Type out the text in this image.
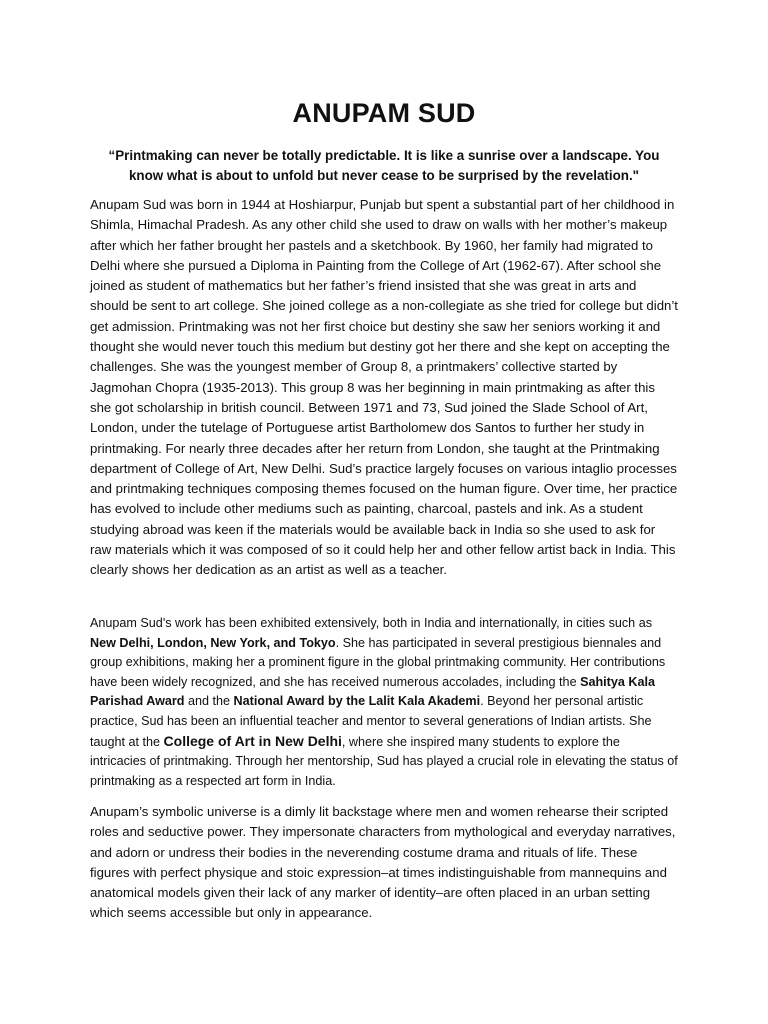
ANUPAM SUD

“Printmaking can never be totally predictable. It is like a sunrise over a landscape. You know what is about to unfold but never cease to be surprised by the revelation."

Anupam Sud was born in 1944 at Hoshiarpur, Punjab but spent a substantial part of her childhood in Shimla, Himachal Pradesh. As any other child she used to draw on walls with her mother’s makeup after which her father brought her pastels and a sketchbook. By 1960, her family had migrated to Delhi where she pursued a Diploma in Painting from the College of Art (1962-67). After school she joined as student of mathematics but her father’s friend insisted that she was great in arts and should be sent to art college. She joined college as a non-collegiate as she tried for college but didn’t get admission. Printmaking was not her first choice but destiny she saw her seniors working it and thought she would never touch this medium but destiny got her there and she kept on accepting the challenges. She was the youngest member of Group 8, a printmakers’ collective started by Jagmohan Chopra (1935-2013). This group 8 was her beginning in main printmaking as after this she got scholarship in british council. Between 1971 and 73, Sud joined the Slade School of Art, London, under the tutelage of Portuguese artist Bartholomew dos Santos to further her study in printmaking. For nearly three decades after her return from London, she taught at the Printmaking department of College of Art, New Delhi. Sud’s practice largely focuses on various intaglio processes and printmaking techniques composing themes focused on the human figure. Over time, her practice has evolved to include other mediums such as painting, charcoal, pastels and ink. As a student studying abroad was keen if the materials would be available back in India so she used to ask for raw materials which it was composed of so it could help her and other fellow artist back in India. This clearly shows her dedication as an artist as well as a teacher.

Anupam Sud's work has been exhibited extensively, both in India and internationally, in cities such as New Delhi, London, New York, and Tokyo. She has participated in several prestigious biennales and group exhibitions, making her a prominent figure in the global printmaking community. Her contributions have been widely recognized, and she has received numerous accolades, including the Sahitya Kala Parishad Award and the National Award by the Lalit Kala Akademi. Beyond her personal artistic practice, Sud has been an influential teacher and mentor to several generations of Indian artists. She taught at the College of Art in New Delhi, where she inspired many students to explore the intricacies of printmaking. Through her mentorship, Sud has played a crucial role in elevating the status of printmaking as a respected art form in India.

Anupam’s symbolic universe is a dimly lit backstage where men and women rehearse their scripted roles and seductive power. They impersonate characters from mythological and everyday narratives, and adorn or undress their bodies in the neverending costume drama and rituals of life. These figures with perfect physique and stoic expression–at times indistinguishable from mannequins and anatomical models given their lack of any marker of identity–are often placed in an urban setting which seems accessible but only in appearance.
